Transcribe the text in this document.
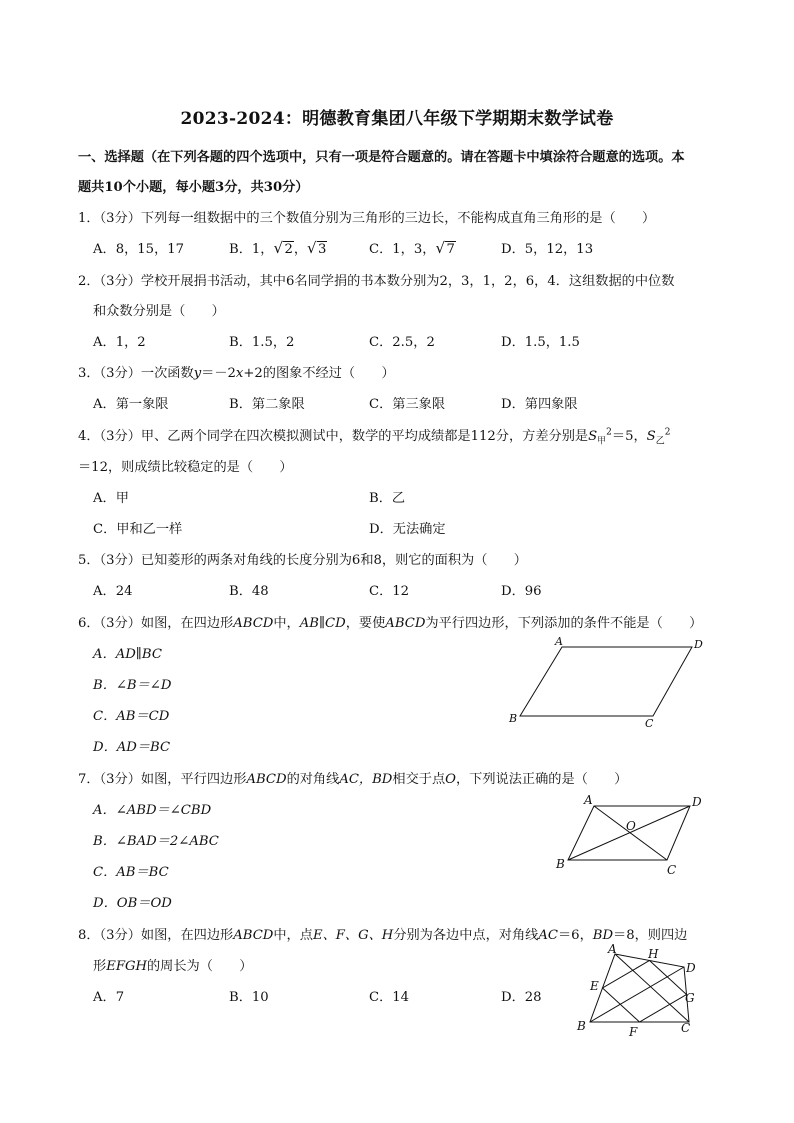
2023-2024：明德教育集团八年级下学期期末数学试卷
一、选择题（在下列各题的四个选项中，只有一项是符合题意的。请在答题卡中填涂符合题意的选项。本
题共10个小题，每小题3分，共30分）
1．（3分）下列每一组数据中的三个数值分别为三角形的三边长，不能构成直角三角形的是（　　）
A．8，15，17	B．1， √ 2， √ 3	C．1，3， √ 7	D．5，12，13
2．（3分）学校开展捐书活动，其中6名同学捐的书本数分别为2，3，1，2，6，4．这组数据的中位数
和众数分别是（　　）
A．1，2	B．1.5，2	C．2.5，2	D．1.5，1.5
3．（3分）一次函数y＝－2x+2的图象不经过（　　）
A．第一象限	B．第二象限	C．第三象限	D．第四象限
4．（3分）甲、乙两个同学在四次模拟测试中，数学的平均成绩都是112分，方差分别是$S_甲^2=5$，$S_乙^2$
＝12，则成绩比较稳定的是（　　）
A．甲	B．乙
C．甲和乙一样	D．无法确定
5．（3分）已知菱形的两条对角线的长度分别为6和8，则它的面积为（　　）
A．24	B．48	C．12	D．96
6．（3分）如图，在四边形ABCD中，AB∥CD，要使ABCD为平行四边形，下列添加的条件不能是（　　）
A．AD∥BC
B．∠B＝∠D
C．AB＝CD
D．AD＝BC
A	D
B	C
7．（3分）如图，平行四边形ABCD的对角线AC，BD相交于点O，下列说法正确的是（　　）
A．∠ABD＝∠CBD
B．∠BAD＝2∠ABC
C．AB＝BC
D．OB＝OD
A	D
O
B	C
8．（3分）如图，在四边形ABCD中，点E、F、G、H分别为各边中点，对角线AC＝6，BD＝8，则四边
形EFGH的周长为（　　）
A．7	B．10	C．14	D．28
A	H
D
E
G
B	F	C
